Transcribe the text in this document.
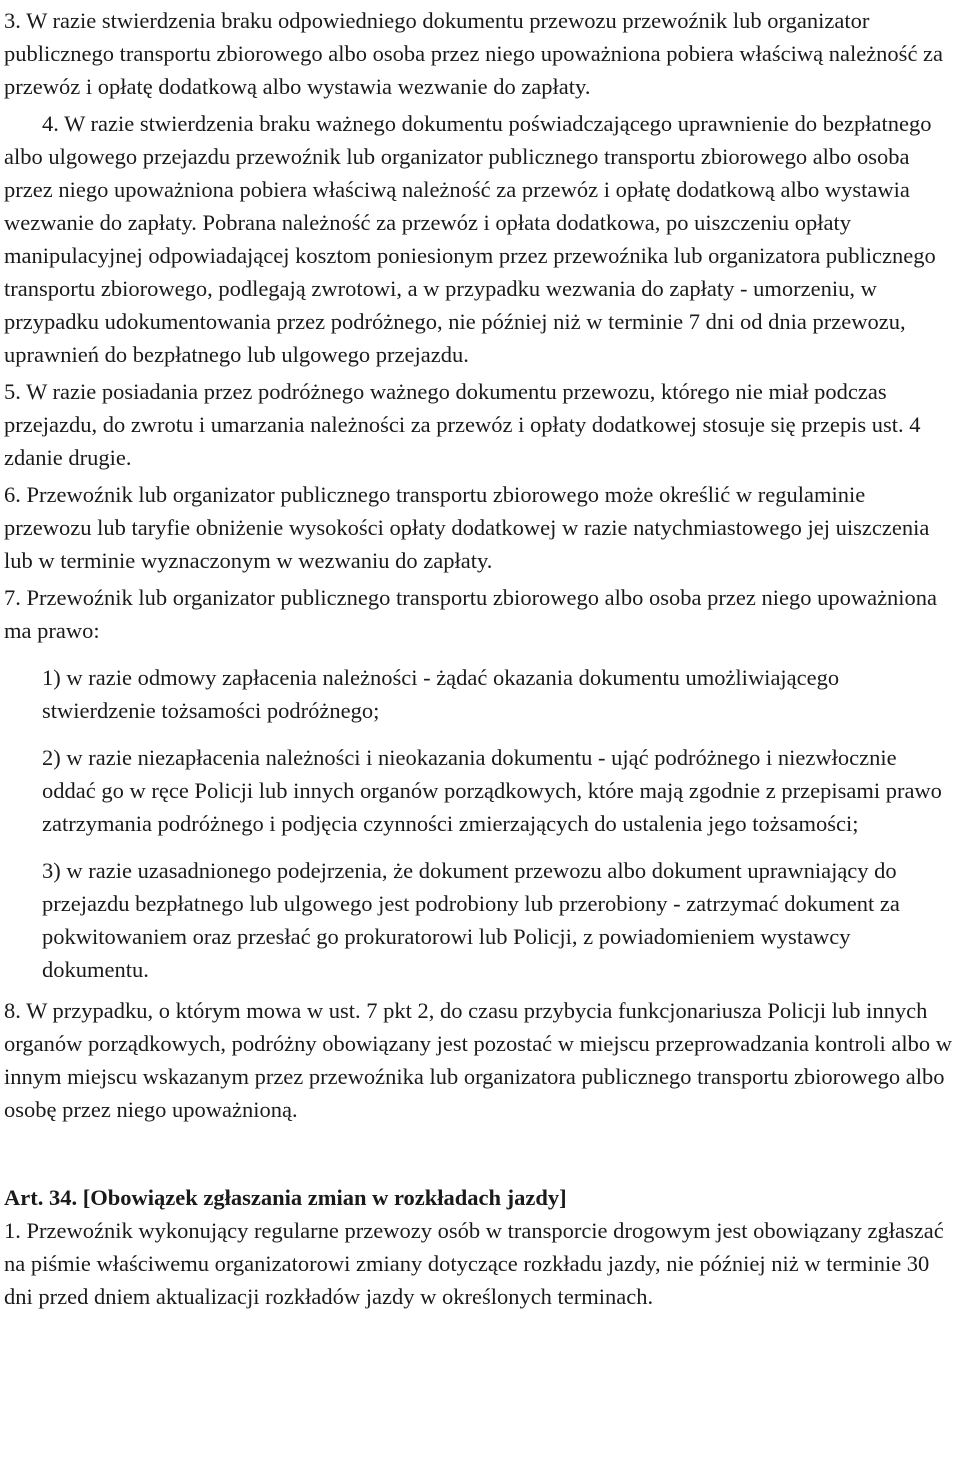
3. W razie stwierdzenia braku odpowiedniego dokumentu przewozu przewoźnik lub organizator publicznego transportu zbiorowego albo osoba przez niego upoważniona pobiera właściwą należność za przewóz i opłatę dodatkową albo wystawia wezwanie do zapłaty.

4. W razie stwierdzenia braku ważnego dokumentu poświadczającego uprawnienie do bezpłatnego albo ulgowego przejazdu przewoźnik lub organizator publicznego transportu zbiorowego albo osoba przez niego upoważniona pobiera właściwą należność za przewóz i opłatę dodatkową albo wystawia wezwanie do zapłaty. Pobrana należność za przewóz i opłata dodatkowa, po uiszczeniu opłaty manipulacyjnej odpowiadającej kosztom poniesionym przez przewoźnika lub organizatora publicznego transportu zbiorowego, podlegają zwrotowi, a w przypadku wezwania do zapłaty - umorzeniu, w przypadku udokumentowania przez podróżnego, nie później niż w terminie 7 dni od dnia przewozu, uprawnień do bezpłatnego lub ulgowego przejazdu.

5. W razie posiadania przez podróżnego ważnego dokumentu przewozu, którego nie miał podczas przejazdu, do zwrotu i umarzania należności za przewóz i opłaty dodatkowej stosuje się przepis ust. 4 zdanie drugie.

6. Przewoźnik lub organizator publicznego transportu zbiorowego może określić w regulaminie przewozu lub taryfie obniżenie wysokości opłaty dodatkowej w razie natychmiastowego jej uiszczenia lub w terminie wyznaczonym w wezwaniu do zapłaty.

7. Przewoźnik lub organizator publicznego transportu zbiorowego albo osoba przez niego upoważniona ma prawo:

1) w razie odmowy zapłacenia należności - żądać okazania dokumentu umożliwiającego stwierdzenie tożsamości podróżnego;

2) w razie niezapłacenia należności i nieokazania dokumentu - ująć podróżnego i niezwłocznie oddać go w ręce Policji lub innych organów porządkowych, które mają zgodnie z przepisami prawo zatrzymania podróżnego i podjęcia czynności zmierzających do ustalenia jego tożsamości;

3) w razie uzasadnionego podejrzenia, że dokument przewozu albo dokument uprawniający do przejazdu bezpłatnego lub ulgowego jest podrobiony lub przerobiony - zatrzymać dokument za pokwitowaniem oraz przesłać go prokuratorowi lub Policji, z powiadomieniem wystawcy dokumentu.

8. W przypadku, o którym mowa w ust. 7 pkt 2, do czasu przybycia funkcjonariusza Policji lub innych organów porządkowych, podróżny obowiązany jest pozostać w miejscu przeprowadzania kontroli albo w innym miejscu wskazanym przez przewoźnika lub organizatora publicznego transportu zbiorowego albo osobę przez niego upoważnioną.

Art. 34. [Obowiązek zgłaszania zmian w rozkładach jazdy]

1. Przewoźnik wykonujący regularne przewozy osób w transporcie drogowym jest obowiązany zgłaszać na piśmie właściwemu organizatorowi zmiany dotyczące rozkładu jazdy, nie później niż w terminie 30 dni przed dniem aktualizacji rozkładów jazdy w określonych terminach.
